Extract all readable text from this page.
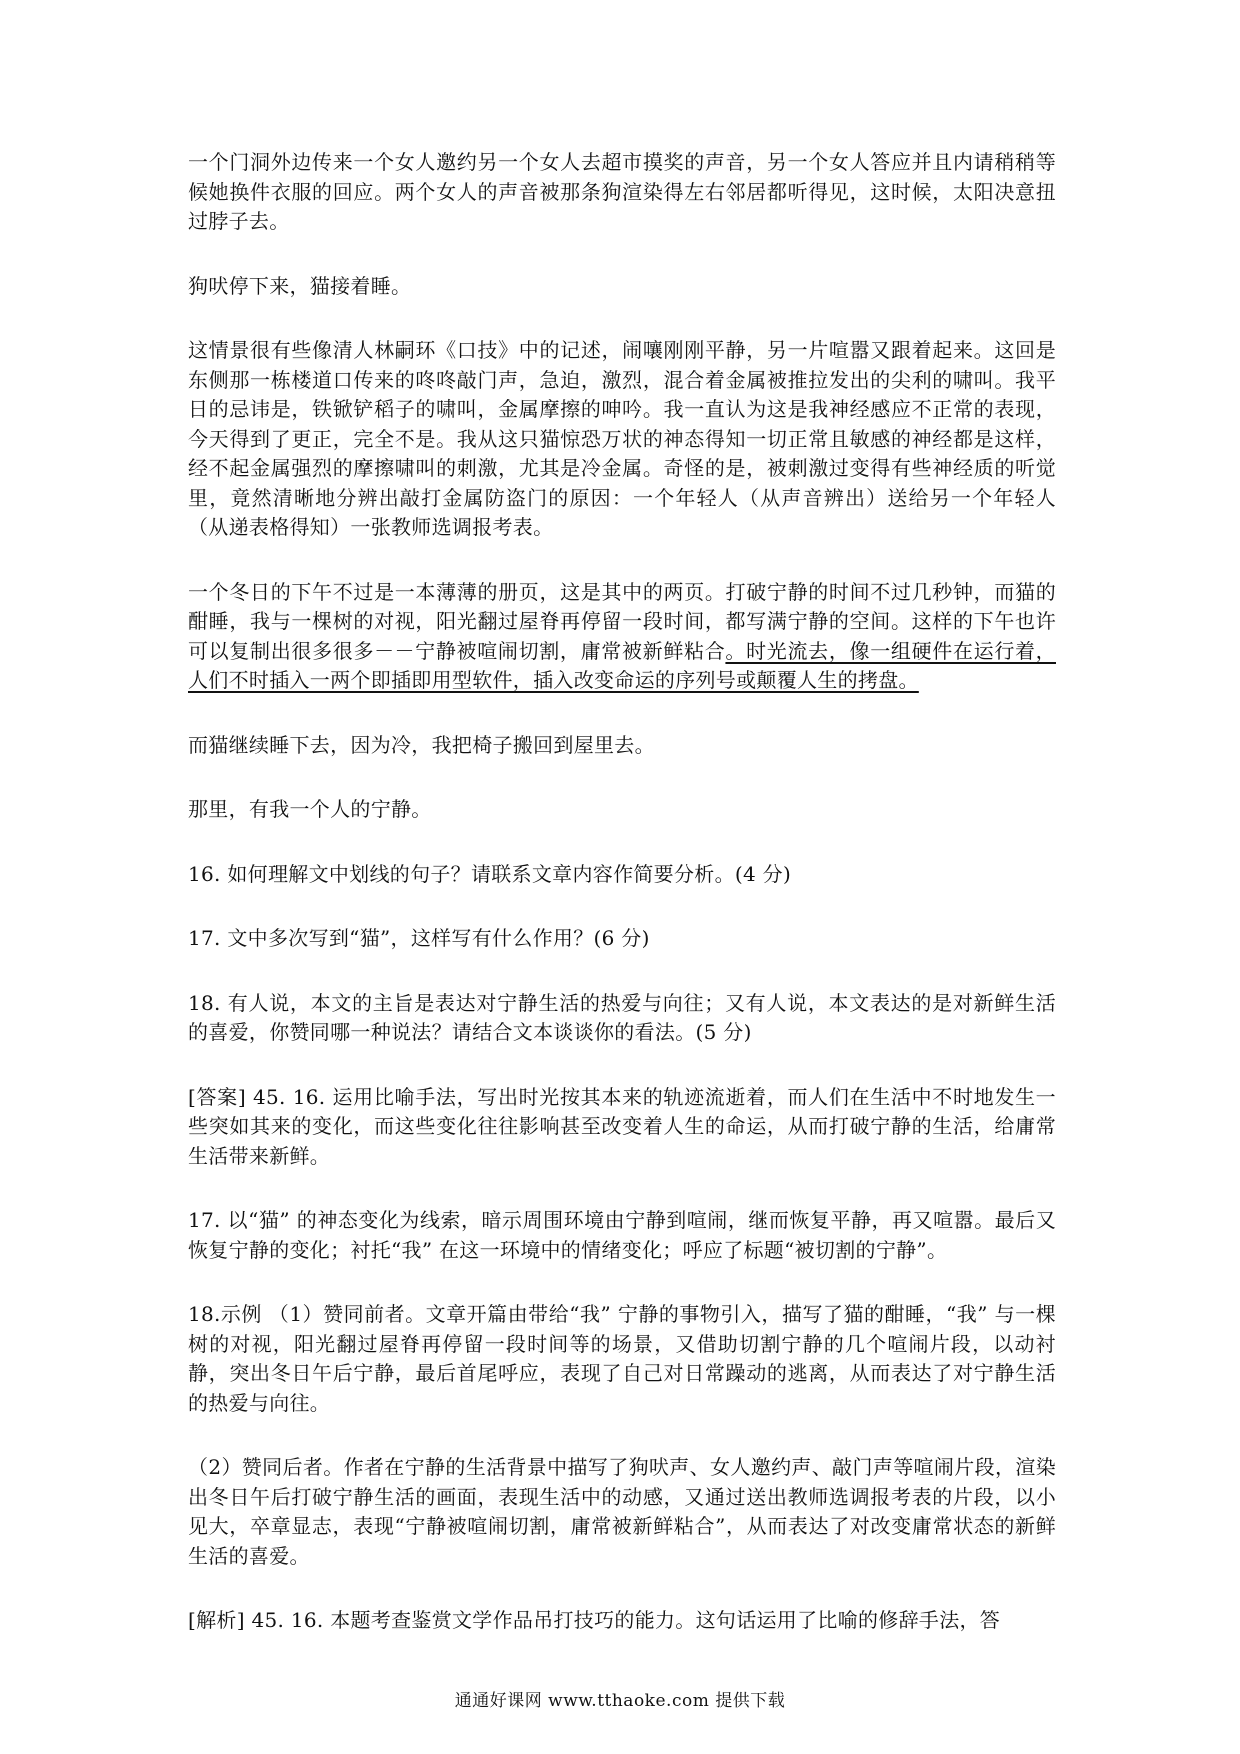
一个门洞外边传来一个女人邀约另一个女人去超市摸奖的声音，另一个女人答应并且内请稍稍等候她换件衣服的回应。两个女人的声音被那条狗渲染得左右邻居都听得见，这时候，太阳决意扭过脖子去。

狗吠停下来，猫接着睡。

这情景很有些像清人林嗣环《口技》中的记述，闹嚷刚刚平静，另一片喧嚣又跟着起来。这回是东侧那一栋楼道口传来的咚咚敲门声，急迫，激烈，混合着金属被推拉发出的尖利的啸叫。我平日的忌讳是，铁锨铲稻子的啸叫，金属摩擦的呻吟。我一直认为这是我神经感应不正常的表现，今天得到了更正，完全不是。我从这只猫惊恐万状的神态得知一切正常且敏感的神经都是这样，经不起金属强烈的摩擦啸叫的刺激，尤其是冷金属。奇怪的是，被刺激过变得有些神经质的听觉里，竟然清晰地分辨出敲打金属防盗门的原因：一个年轻人（从声音辨出）送给另一个年轻人（从递表格得知）一张教师选调报考表。

一个冬日的下午不过是一本薄薄的册页，这是其中的两页。打破宁静的时间不过几秒钟，而猫的酣睡，我与一棵树的对视，阳光翻过屋脊再停留一段时间，都写满宁静的空间。这样的下午也许可以复制出很多很多－－宁静被喧闹切割，庸常被新鲜粘合。时光流去，像一组硬件在运行着，人们不时插入一两个即插即用型软件，插入改变命运的序列号或颠覆人生的拷盘。

而猫继续睡下去，因为冷，我把椅子搬回到屋里去。

那里，有我一个人的宁静。

16. 如何理解文中划线的句子？请联系文章内容作简要分析。(4 分)

17. 文中多次写到“猫”，这样写有什么作用？(6 分)

18. 有人说，本文的主旨是表达对宁静生活的热爱与向往；又有人说，本文表达的是对新鲜生活的喜爱，你赞同哪一种说法？请结合文本谈谈你的看法。(5 分)

[答案] 45. 16. 运用比喻手法，写出时光按其本来的轨迹流逝着，而人们在生活中不时地发生一些突如其来的变化，而这些变化往往影响甚至改变着人生的命运，从而打破宁静的生活，给庸常生活带来新鲜。

17. 以“猫” 的神态变化为线索，暗示周围环境由宁静到喧闹，继而恢复平静，再又喧嚣。最后又恢复宁静的变化；衬托“我” 在这一环境中的情绪变化；呼应了标题“被切割的宁静”。

18.示例 （1）赞同前者。文章开篇由带给“我” 宁静的事物引入，描写了猫的酣睡，“我” 与一棵树的对视，阳光翻过屋脊再停留一段时间等的场景，又借助切割宁静的几个喧闹片段，以动衬静，突出冬日午后宁静，最后首尾呼应，表现了自己对日常躁动的逃离，从而表达了对宁静生活的热爱与向往。

（2）赞同后者。作者在宁静的生活背景中描写了狗吠声、女人邀约声、敲门声等喧闹片段，渲染出冬日午后打破宁静生活的画面，表现生活中的动感，又通过送出教师选调报考表的片段，以小见大，卒章显志，表现“宁静被喧闹切割，庸常被新鲜粘合”，从而表达了对改变庸常状态的新鲜生活的喜爱。

[解析] 45. 16. 本题考查鉴赏文学作品吊打技巧的能力。这句话运用了比喻的修辞手法，答

通通好课网 www.tthaoke.com 提供下载
